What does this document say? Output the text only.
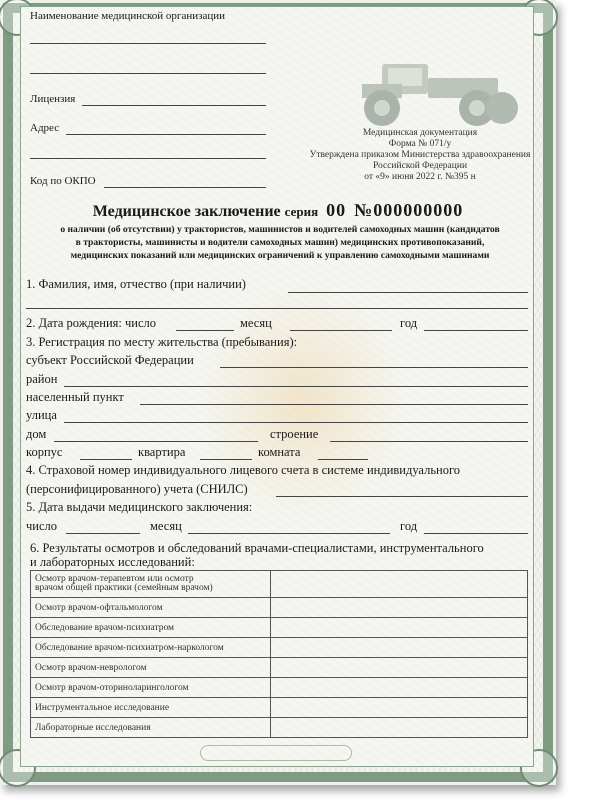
Наименование медицинской организации
Лицензия
Адрес
Код по ОКПО
Медицинская документация
Форма № 071/у
Утверждена приказом Министерства здравоохранения
Российской Федерации
от «9» июня 2022 г. №395 н
Медицинское заключение серия 00 №000000000
о наличии (об отсутствии) у трактористов, машинистов и водителей самоходных машин (кандидатов
в трактористы, машинисты и водители самоходных машин) медицинских противопоказаний,
медицинских показаний или медицинских ограничений к управлению самоходными машинами
1. Фамилия, имя, отчество (при наличии)
2. Дата рождения: число	месяц	год
3. Регистрация по месту жительства (пребывания):
субъект Российской Федерации
район
населенный пункт
улица
дом	строение
корпус	квартира	комната
4. Страховой номер индивидуального лицевого счета в системе индивидуального
(персонифицированного) учета (СНИЛС)
5. Дата выдачи медицинского заключения:
число	месяц	год
6. Результаты осмотров и обследований врачами-специалистами, инструментального
и лабораторных исследований:
Осмотр врачом-терапевтом или осмотр
врачом общей практики (семейным врачом)	

Осмотр врачом-офтальмологом	

Обследование врачом-психиатром	

Обследование врачом-психиатром-наркологом	

Осмотр врачом-неврологом	

Осмотр врачом-оториноларингологом	

Инструментальное исследование	

Лабораторные исследования	
